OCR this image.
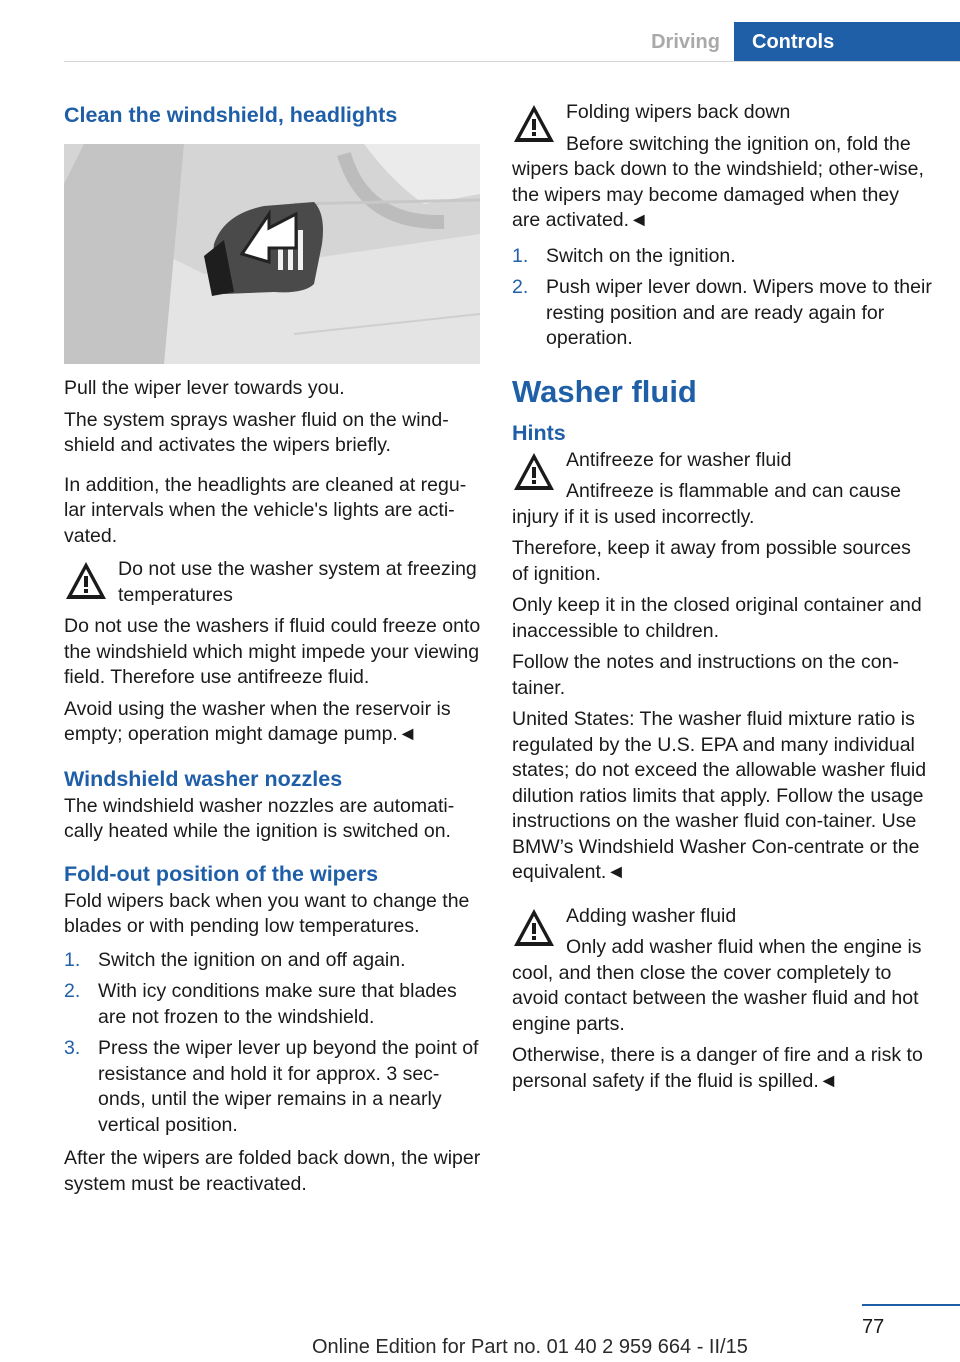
Driving	Controls
Clean the windshield, headlights

Pull the wiper lever towards you.

The system sprays washer fluid on the wind‐shield and activates the wipers briefly.

In addition, the headlights are cleaned at regu‐lar intervals when the vehicle's lights are acti‐vated.

Do not use the washer system at freezing temperatures

Do not use the washers if fluid could freeze onto the windshield which might impede your viewing field. Therefore use antifreeze fluid.

Avoid using the washer when the reservoir is empty; operation might damage pump.◄

Windshield washer nozzles

The windshield washer nozzles are automati‐cally heated while the ignition is switched on.

Fold-out position of the wipers

Fold wipers back when you want to change the blades or with pending low temperatures.

1. Switch the ignition on and off again.
2. With icy conditions make sure that blades are not frozen to the windshield.
3. Press the wiper lever up beyond the point of resistance and hold it for approx. 3 sec‐onds, until the wiper remains in a nearly vertical position.

After the wipers are folded back down, the wiper system must be reactivated.

Folding wipers back down

Before switching the ignition on, fold the wipers back down to the windshield; other‐wise, the wipers may become damaged when they are activated.◄

1. Switch on the ignition.
2. Push wiper lever down. Wipers move to their resting position and are ready again for operation.
Washer fluid
Hints

Antifreeze for washer fluid

Antifreeze is flammable and can cause injury if it is used incorrectly.

Therefore, keep it away from possible sources of ignition.

Only keep it in the closed original container and inaccessible to children.

Follow the notes and instructions on the con‐tainer.

United States: The washer fluid mixture ratio is regulated by the U.S. EPA and many individual states; do not exceed the allowable washer fluid dilution ratios limits that apply. Follow the usage instructions on the washer fluid con‐tainer. Use BMW’s Windshield Washer Con‐centrate or the equivalent.◄

Adding washer fluid

Only add washer fluid when the engine is cool, and then close the cover completely to avoid contact between the washer fluid and hot engine parts.

Otherwise, there is a danger of fire and a risk to personal safety if the fluid is spilled.◄

77
Online Edition for Part no. 01 40 2 959 664 - II/15
